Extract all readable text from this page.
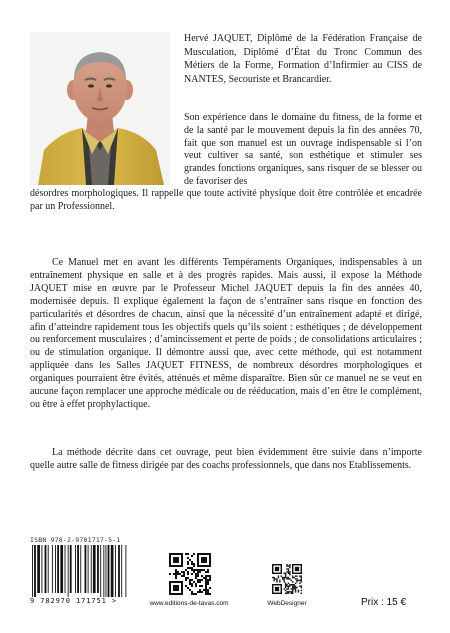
Hervé JAQUET, Diplômé de la Fédération Française de Musculation, Diplômé d’État du Tronc Commun des Métiers de la Forme, Formation d’Infirmier au CISS de NANTES, Secouriste et Brancardier.

Son expérience dans le domaine du fitness, de la forme et de la santé par le mouvement depuis la fin des années 70, fait que son manuel est un ouvrage indispensable si l’on veut cultiver sa santé, son esthétique et stimuler ses grandes fonctions organiques, sans risquer de se blesser ou de favoriser des

désordres morphologiques. Il rappelle que toute activité physique doit être contrôlée et encadrée par un Professionnel.

Ce Manuel met en avant les différents Tempéraments Organiques, indispensables à un entraînement physique en salle et à des progrès rapides. Mais aussi, il expose la Méthode JAQUET mise en œuvre par le Professeur Michel JAQUET depuis la fin des années 40, modernisée depuis. Il explique également la façon de s’entraîner sans risque en fonction des particularités et désordres de chacun, ainsi que la nécessité d’un entraînement adapté et dirigé, afin d’atteindre rapidement tous les objectifs quels qu’ils soient : esthétiques ; de développement ou renforcement musculaires ; d’amincissement et perte de poids ; de consolidations articulaires ; ou de stimulation organique. Il démontre aussi que, avec cette méthode, qui est notamment appliquée dans les Salles JAQUET FITNESS, de nombreux désordres morphologiques et organiques pourraient être évités, atténués et même disparaître. Bien sûr ce manuel ne se veut en aucune façon remplacer une approche médicale ou de rééducation, mais d’en être le complément, ou être à effet prophylactique.

La méthode décrite dans cet ouvrage, peut bien évidemment être suivie dans n’importe quelle autre salle de fitness dirigée par des coachs professionnels, que dans nos Etablissements.

ISBN 978-2-9701717-5-1

9 782970 171751 >	www.editions-de-tavas.com	WebDesigner	Prix : 15 €
